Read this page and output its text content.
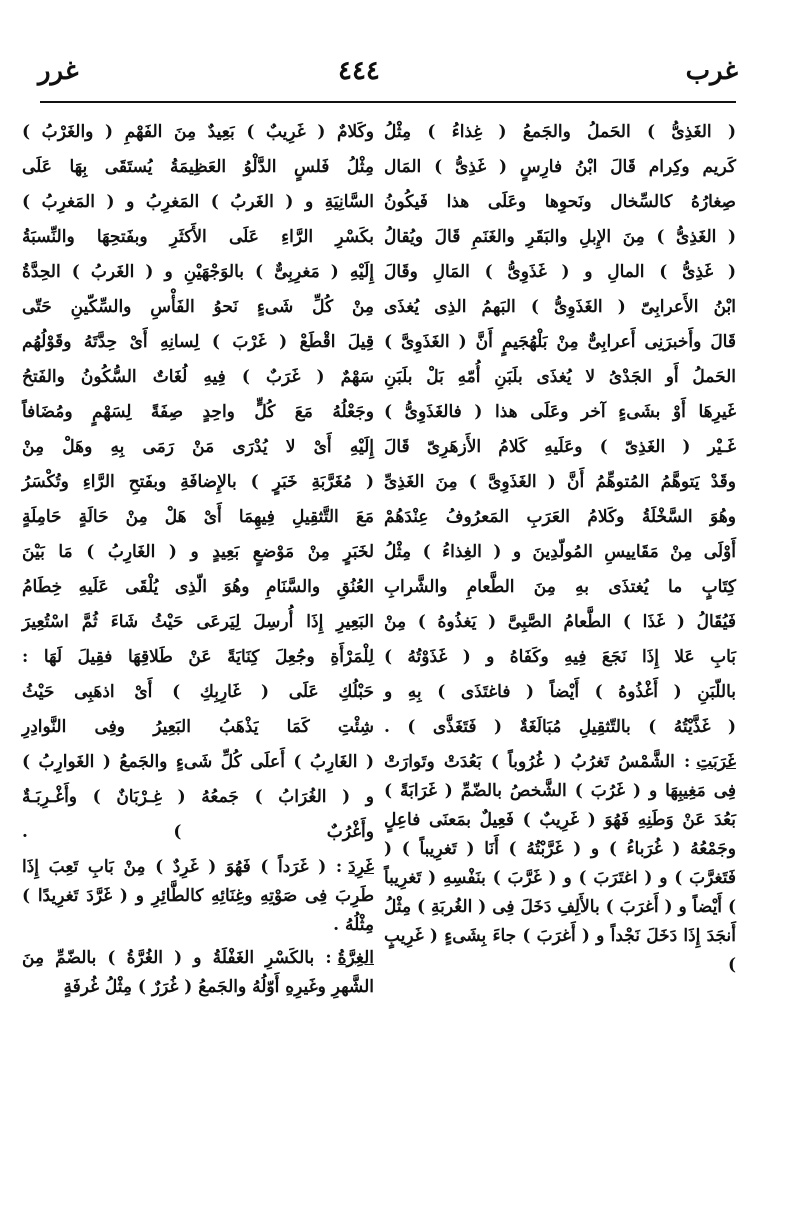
غرب
٤٤٤
غرر
( الغَذِىُّ ) الحَملُ والجَمعُ ( غِذاءُ ) مِثْلُ
كَريم وكِرام قَالَ ابْنُ فارِسٍ ( غَذِىُّ ) المَال
صِغارُهُ كالسِّخال ونَحوِها وعَلَى هذا فَيكُونُ
( الغَذِىُّ ) مِنَ الإِبلِ والبَقَرِ والغَنَمِ قَالَ ويُقالُ
( غَذِىُّ ) المالِ و ( غَذَوِىُّ ) المَالِ وقَالَ
ابْنُ الأَعرابِىّ ( الغَذَوِىُّ ) البَهمُ الذِى يُغذَى
قَالَ وأَخبرَنِى أَعرابِىٌّ مِنْ بَلْهُجَيمٍ أَنَّ ( الغَذَوِىَّ )
الحَملُ أَو الجَدْىُ لا يُغذَى بلَبَنِ أُمّهِ بَلْ بلَبَنِ
غَيرِهَا أَوْ بشَىءٍ آخر وعَلَى هذا ( فالغَذَوِىُّ )
غَـيْر ( الغَذِىّ ) وعَلَيهِ كَلامُ الأَزهَرِىّ قَالَ
وقَدْ يَتوهَّمُ المُتوهِّمُ أَنَّ ( الغَذَوِىَّ ) مِنَ الغَذِىِّ
وهُوَ السَّخْلَةُ وكَلامُ العَرَبِ المَعرُوفُ عِنْدَهُمْ
أَوْلَى مِنْ مَقَاييسِ المُولّدِينَ و ( الغِذاءُ ) مِثْلُ
كِتَابٍ ما يُغتذَى بهِ مِنَ الطَّعامِ والشَّرابِ
فَيُقَالُ ( غَذَا ) الطَّعامُ الصَّبِىَّ ( يَغذُوهُ ) مِنْ
بَابِ عَلا إِذَا نَجَعَ فِيهِ وكَفَاهُ و ( غَذَوْتُهُ )
باللّبَنِ ( أَغْذُوهُ ) أَيْضاً ( فاغتَذَى ) بِهِ و
( غَذَّيْتُهُ ) بالتّثقِيلِ مُبَالَغَةٌ ( فَتَغَذَّى ) .
غَرَبَتِ: الشَّمْسُ تَغرُبُ ( غُرُوباً ) بَعُدَتْ وتَوارَتْ فِى مَغِيبِهَا و ( غَرُبَ ) الشَّخصُ بالضّمِّ ( غَرَابَةً ) بَعُدَ عَنْ وَطَنِهِ فَهُوَ ( غَرِيبٌ ) فَعِيلٌ بمَعنَى فاعِلٍ وجَمْعُهُ ( غُرَباءُ ) و ( غَرَّبْتُهُ ) أَنَا ( تَغرِيباً ) ( فَتَغرَّبَ ) و ( اغتَرَبَ ) و ( غَرَّبَ ) بنَفْسِهِ ( تَغرِيباً ) أَيْضاً و ( أَغرَبَ ) بالأَلِفِ دَخَلَ فِى ( الغُربَةِ ) مِثْلُ أَنجَدَ إِذَا دَخَلَ نَجْداً و ( أَغرَبَ ) جاءَ بِشَىءٍ ( غَرِيبٍ )
وكَلامٌ ( غَرِيبٌ ) بَعِيدٌ مِنَ الفَهْمِ ( والغَرْبُ )
مِثْلُ فَلسٍ الدَّلْوُ العَظِيمَةُ يُستَقَى بِهَا عَلَى
السَّانِيَةِ و ( الغَربُ ) المَغرِبُ و ( المَغرِبُ )
بكَسْرِ الرَّاءِ عَلَى الأَكثَرِ وبفَتحِهَا والنِّسبَةُ
إِلَيْهِ ( مَغرِبِىٌّ ) بالوَجْهَيْنِ و ( الغَربُ ) الحِدَّةُ
مِنْ كُلِّ شَىءٍ نَحوُ الفَأْسِ والسِّكّينِ حَتّى
قِيلَ اقْطَعْ ( غَرْبَ ) لِسانِهِ أَىْ حِدَّتَهُ وقَوْلُهُم
سَهْمٌ ( غَرَبٌ ) فِيهِ لُغَاتٌ السُّكُونُ والفَتحُ
وجَعْلُهُ مَعَ كُلٍّ واحِدٍ صِفَةً لِسَهْمٍ ومُضَافاً
إِلَيْهِ أَىْ لا يُدْرَى مَنْ رَمَى بِهِ وهَلْ مِنْ
( مُغَرَّبَةِ خَبَرٍ ) بالإِضافَةِ وبفَتحِ الرَّاءِ وتُكْسَرُ
مَعَ التَّثقِيلِ فِيهِمَا أَىْ هَلْ مِنْ حَالَةٍ حَامِلَةٍ
لخَبَرٍ مِنْ مَوْضعٍ بَعِيدٍ و ( الغَارِبُ ) مَا بَيْنَ
العُنُقِ والسَّنَامِ وهُوَ الّذِى يُلْقَى عَلَيهِ خِطَامُ
البَعِيرِ إِذَا أُرسِلَ لِيَرعَى حَيْثُ شَاءَ ثُمَّ اسْتُعِيرَ
لِلْمَرْأَةِ وجُعِلَ كِنَايَةً عَنْ طَلاقِهَا فقِيلَ لَهَا :
حَبْلُكِ عَلَى ( غَارِبِكِ ) أَىْ اذهَبِى حَيْثُ
شِئْتِ كَمَا يَذْهَبُ البَعِيرُ وفِى النَّوادِرِ
( الغَارِبُ ) أَعلَى كُلِّ شَىءٍ والجَمعُ ( الغَوارِبُ )
و ( الغُرَابُ ) جَمعُهُ ( غِـرْبَانٌ ) وأَغْـرِبَـةٌ
وأَغْرُبٌ ) .
غَرِدَ: ( غَرَداً ) فَهُوَ ( غَرِدٌ ) مِنْ بَابِ تَعِبَ إِذَا طَرِبَ فِى صَوْتِهِ وغِنَائِهِ كالطَّائِرِ و ( غَرَّدَ تَغرِيدًا ) مِثْلُهُ .
الغِرَّةُ: بالكَسْرِ الغَفْلَةُ و ( الغُرَّةُ ) بالضّمِّ مِنَ الشَّهرِ وغَيرِهِ أَوّلُهُ والجَمعُ ( غُرَرٌ ) مِثْلُ غُرفَةٍ
